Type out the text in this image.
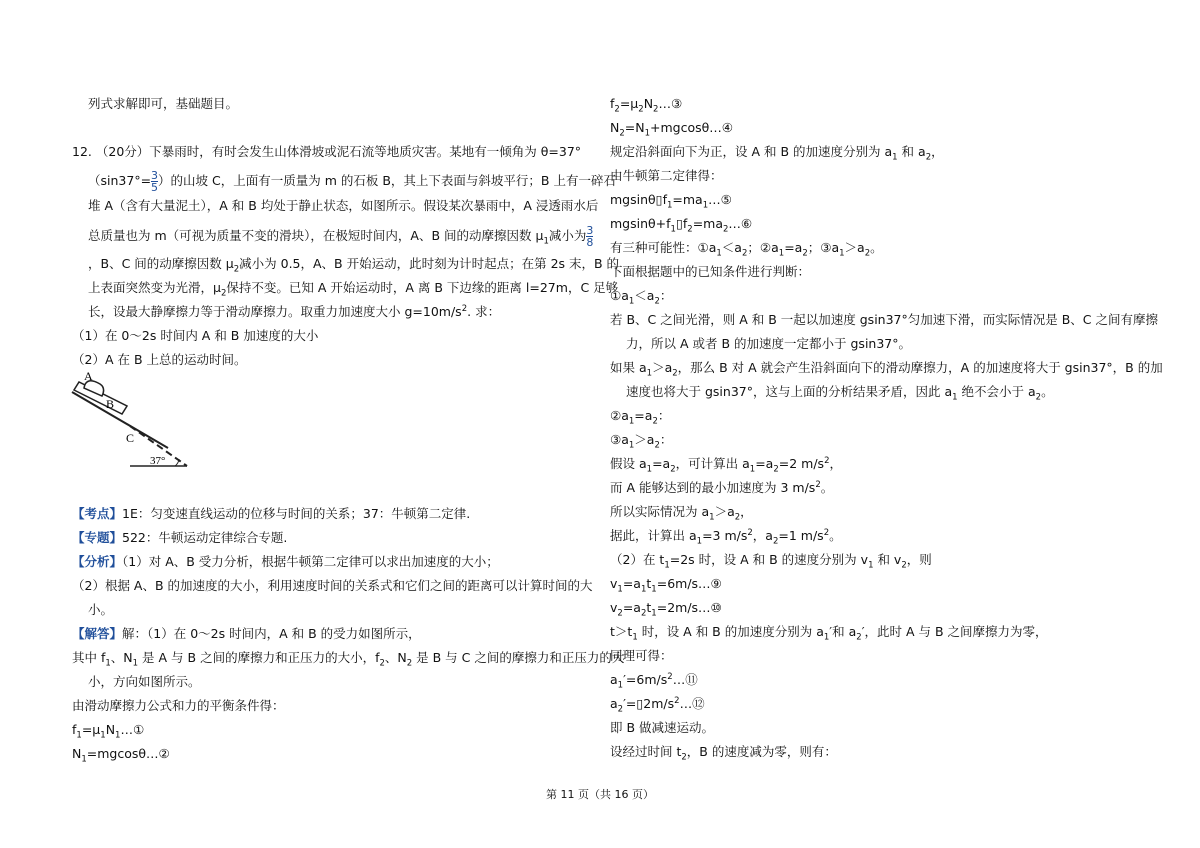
列式求解即可，基础题目。
12. （20分）下暴雨时，有时会发生山体滑坡或泥石流等地质灾害。某地有一倾角为 θ=37°
（$\sin 37^\circ= \frac{3}{5}$ ）的山坡 C，上面有一质量为 m 的石板 B，其上下表面与斜坡平行；B 上有一碎石
堆 A（含有大量泥土），A 和 B 均处于静止状态，如图所示。假设某次暴雨中，A 浸透雨水后
总质量也为 m（可视为质量不变的滑块），在极短时间内，A、B 间的动摩擦因数 $\mu_1$减小为 $\frac{3}{8}$
，B、C 间的动摩擦因数 $\mu_2$减小为 0.5，A、B 开始运动，此时刻为计时起点；在第 2s 末，B 的
上表面突然变为光滑，$\mu_2$保持不变。已知 A 开始运动时，A 离 B 下边缘的距离 l=27m，C 足够
长，设最大静摩擦力等于滑动摩擦力。取重力加速度大小 $g=10m/s^2$. 求：
（1）在 0～2s 时间内 A 和 B 加速度的大小
（2）A 在 B 上总的运动时间。
A
B
C
37°
【考点】1E：匀变速直线运动的位移与时间的关系；37：牛顿第二定律.
【专题】522：牛顿运动定律综合专题.
【分析】（1）对 A、B 受力分析，根据牛顿第二定律可以求出加速度的大小；
（2）根据 A、B 的加速度的大小，利用速度时间的关系式和它们之间的距离可以计算时间的大
小。
【解答】解：（1）在 0～2s 时间内，A 和 B 的受力如图所示，
其中 $f_1$、$N_1$ 是 A 与 B 之间的摩擦力和正压力的大小，$f_2$、$N_2$ 是 B 与 C 之间的摩擦力和正压力的大
小，方向如图所示。
由滑动摩擦力公式和力的平衡条件得：
$f_1=\mu_1N_1\dots ①$
$N_1=mgcos\theta\dots ②$
$f_2=\mu_2N_2\dots ③$
$N_2=N_1+mgcos\theta\dots ④$
规定沿斜面向下为正，设 A 和 B 的加速度分别为 $a_1$ 和 $a_2$，
由牛顿第二定律得：
$mgsin\theta▯f_1=ma_1\dots ⑤$
$mgsin\theta+f_1▯f_2=ma_2\dots ⑥$
有三种可能性：$①a_1<a_2$；$②a_1=a_2$；$③a_1>a_2$。
下面根据题中的已知条件进行判断：
$①a_1<a_2$：
若 B、C 之间光滑，则 A 和 B 一起以加速度 gsin37°匀加速下滑，而实际情况是 B、C 之间有摩擦
力，所以 A 或者 B 的加速度一定都小于 gsin37°。
如果 $a_1>a_2$，那么 B 对 A 就会产生沿斜面向下的滑动摩擦力，A 的加速度将大于 gsin37°，B 的加
速度也将大于 gsin37°，这与上面的分析结果矛盾，因此 $a_1$ 绝不会小于 $a_2$。
$②a_1=a_2$：
$③a_1>a_2$：
假设 $a_1=a_2$，可计算出 $a_1=a_2=2$ $m/s^2$，
而 A 能够达到的最小加速度为 3 $m/s^2$。
所以实际情况为 $a_1>a_2$，
据此，计算出 $a_1=3$ $m/s^2$，$a_2=1$ $m/s^2$。
（2）在 $t_1=2s$ 时，设 A 和 B 的速度分别为 $v_1$ 和 $v_2$，则
$v_1=a_1t_1=6m/s\dots ⑨$
$v_2=a_2t_1=2m/s\dots ⑩$
$t>t_1$ 时，设 A 和 B 的加速度分别为 $a_1'$和 $a_2'$，此时 A 与 B 之间摩擦力为零，
同理可得：
$a_1'=6m/s^2\dots ⑪$
$a_2'=▯2m/s^2\dots ⑫$
即 B 做减速运动。
设经过时间 $t_2$，B 的速度减为零，则有：
第 11 页（共 16 页）
